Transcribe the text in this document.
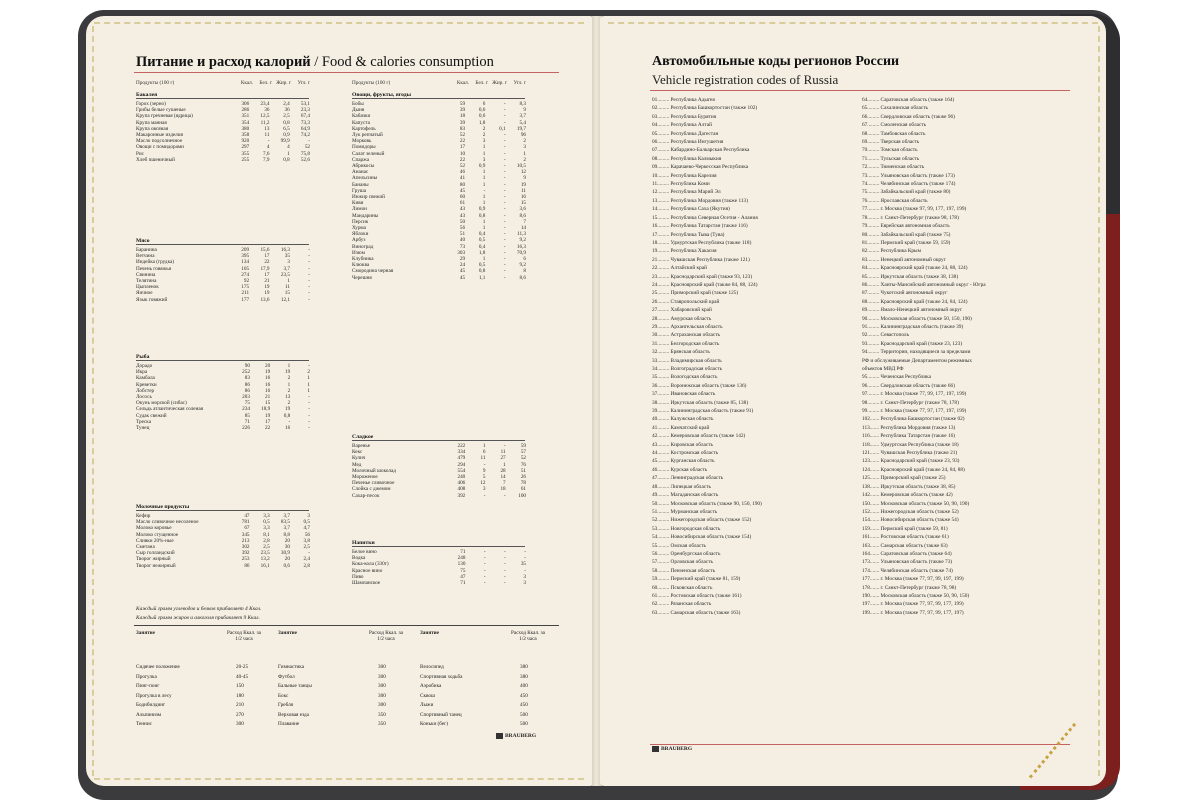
Питание и расход калорий / Food & calories consumption
Продукты (100 г)	Ккал. Бел. г Жир. г Угл. г	Продукты (100 г)	Ккал. Бел. г Жир. г Угл. г
Бакалея
Горох (зерно)	306	23,4	2,4	53,1
Грибы белые сушеные	286	36	36	23,3
Крупа гречневая (ядрица)	351	12,5	2,5	67,4
Крупа манная	354	11,2	0,8	73,3
Крупа овсяная	380	13	6,5	64,9
Макаронные изделия	358	11	0,9	74,2
Масло подсолнечное	920	-	99,9	-
Овощи с помидорами	297	4	4	52
Рис	355	7,6	1	75,8
Хлеб пшеничный	255	7,9	0,8	52,6
Мясо
Баранина	209	15,6	16,3	-
Ветчина	395	17	35	-
Индейка (грудка)	134	22	3	-
Печень говяжья	105	17,9	3,7	-
Свинина	274	17	23,5	-
Телятина	92	21	1	-
Цыпленок	175	19	11	-
Яичное	211	19	15	-
Язык говяжий	177	13,6	12,1	-
Рыба
Дорадо	90	20	1	-
Икра	252	19	19	2
Камбала	83	16	2	1
Креветки	86	16	1	1
Лобстер	86	16	2	1
Лосось	203	21	13	-
Окунь морской (сибас)	75	15	2	-
Сельдь атлантическая соленая	234	18,9	19	-
Судак свежий	85	19	0,8	-
Треска	71	17	-	-
Тунец	226	22	16	-
Молочные продукты
Кефир	47	3,3	3,7	3
Масло сливочное несоленое	781	0,5	83,5	0,5
Молоко коровье	67	3,3	3,7	4,7
Молоко сгущенное	345	8,1	8,8	56
Сливки 20%-ные	213	2,8	20	3,8
Сметана	302	2,5	30	2,5
Сыр голландский	392	23,5	30,9	-
Творог жирный	253	13,2	20	2,4
Творог нежирный	86	16,1	0,6	2,8
Овощи, фрукты, ягоды
Бобы	59	6	-	8,3
Дыня	39	0,6	-	9
Кабачки	18	0,6	-	3,7
Капуста	39	1,8	-	5,4
Картофель	83	2	0,1	19,7
Лук репчатый	52	2	-	96
Морковь	22	3	-	2
Помидоры	17	1	-	3
Салат зеленый	10	1	-	1
Спаржа	22	3	-	2
Абрикосы	52	0,9	-	10,5
Ананас	46	1	-	12
Апельсины	41	1	-	9
Бананы	80	1	-	19
Груша	45	-	-	11
Инжир свежий	60	1	-	16
Киви	61	1	-	15
Лимон	43	0,9	-	3,6
Мандарины	43	0,8	-	8,6
Персик	50	1	-	7
Хурма	56	1	-	14
Яблоки	51	0,4	-	11,3
Арбуз	40	0,5	-	9,2
Виноград	73	0,4	-	16,3
Изюм	303	1,8	-	70,9
Клубника	29	1	-	6
Клюква	24	0,5	-	9,2
Смородина черная	45	0,8	-	8
Черешня	45	1,1	-	8,6
Сладкое
Варенье	222	1	-	59
Кекс	334	6	11	57
Кулич	479	11	27	52
Мед	294	-	1	76
Молочный шоколад	554	9	28	51
Мороженое	240	5	14	26
Печенье сливочное	406	12	7	78
Слойка с джемом	408	3	18	61
Сахар-песок	392	-	-	100
Напитки
Белое вино	71	-	-	-
Водка	248	-	-	-
Кока-кола (330г)	130	-	-	35
Красное вино	75	-	-	-
Пиво	47	-	-	3
Шампанское	71	-	-	3
Каждый грамм углеводов и белков прибавляет 4 Ккал.
Каждый грамм жиров и алкоголя прибавляет 9 Ккал.
Занятие	Расход Ккал. за 1/2 часа
Сидячее положение	20-25
Прогулка	40-45
Пинг-понг	150
Прогулка в лесу	180
Бодибилдинг	210
Альпинизм	270
Теннис	300
Занятие	Расход Ккал. за 1/2 часа
Гимнастика	300
Футбол	300
Бальные танцы	300
Бокс	300
Гребля	300
Верховая езда	350
Плавание	350
Занятие	Расход Ккал. за 1/2 часа
Велосипед	380
Спортивная ходьба	380
Аэробика	400
Сквош	450
Лыжи	450
Спортивный танец	500
Коньки (бег)	500
BRAUBERG
Автомобильные коды регионов России
Vehicle registration codes of Russia
01......... Республика Адыгея
02......... Республика Башкортостан (также 102)
03......... Республика Бурятия
04......... Республика Алтай
05......... Республика Дагестан
06......... Республика Ингушетия
07......... Кабардино-Балкарская Республика
08......... Республика Калмыкия
09......... Карачаево-Черкесская Республика
10......... Республика Карелия
11......... Республика Коми
12......... Республика Марий Эл
13......... Республика Мордовия (также 113)
14......... Республика Саха (Якутия)
15......... Республика Северная Осетия - Алания
16......... Республика Татарстан (также 116)
17......... Республика Тыва (Тува)
18......... Удмуртская Республика (также 118)
19......... Республика Хакасия
21......... Чувашская Республика (также 121)
22......... Алтайский край
23......... Краснодарский край (также 93, 123)
24......... Красноярский край (также 84, 88, 124)
25......... Приморский край (также 125)
26......... Ставропольский край
27......... Хабаровский край
28......... Амурская область
29......... Архангельская область
30......... Астраханская область
31......... Белгородская область
32......... Брянская область
33......... Владимирская область
34......... Волгоградская область
35......... Вологодская область
36......... Воронежская область (также 136)
37......... Ивановская область
38......... Иркутская область (также 85, 138)
39......... Калининградская область (также 91)
40......... Калужская область
41......... Камчатский край
42......... Кемеровская область (также 142)
43......... Кировская область
44......... Костромская область
45......... Курганская область
46......... Курская область
47......... Ленинградская область
48......... Липецкая область
49......... Магаданская область
50......... Московская область (также 90, 150, 190)
51......... Мурманская область
52......... Нижегородская область (также 152)
53......... Новгородская область
54......... Новосибирская область (также 154)
55......... Омская область
56......... Оренбургская область
57......... Орловская область
58......... Пензенская область
59......... Пермский край (также 81, 159)
60......... Псковская область
61......... Ростовская область (также 161)
62......... Рязанская область
63......... Самарская область (также 163)
64......... Саратовская область (также 164)
65......... Сахалинская область
66......... Свердловская область (также 96)
67......... Смоленская область
68......... Тамбовская область
69......... Тверская область
70......... Томская область
71......... Тульская область
72......... Тюменская область
73......... Ульяновская область (также 173)
74......... Челябинская область (также 174)
75......... Забайкальский край (также 80)
76......... Ярославская область
77......... г. Москва (также 97, 99, 177, 197, 199)
78......... г. Санкт-Петербург (также 98, 178)
79......... Еврейская автономная область
80......... Забайкальский край (также 75)
81......... Пермский край (также 59, 159)
82......... Республика Крым
83......... Ненецкий автономный округ
84......... Красноярский край (также 24, 88, 124)
85......... Иркутская область (также 38, 138)
86......... Ханты-Мансийский автономный округ - Югра
87......... Чукотский автономный округ
88......... Красноярский край (также 24, 84, 124)
89......... Ямало-Ненецкий автономный округ
90......... Московская область (также 50, 150, 190)
91......... Калининградская область (также 39)
92......... Севастополь
93......... Краснодарский край (также 23, 123)
94......... Территории, находящиеся за пределами
РФ и обслуживаемые Департаментом режимных
объектов МВД РФ
95......... Чеченская Республика
96......... Свердловская область (также 66)
97......... г. Москва (также 77, 99, 177, 197, 199)
98......... г. Санкт-Петербург (также 78, 178)
99......... г. Москва (также 77, 97, 177, 197, 199)
102....... Республика Башкортостан (также 02)
113....... Республика Мордовия (также 13)
116....... Республика Татарстан (также 16)
118....... Удмуртская Республика (также 18)
121....... Чувашская Республика (также 21)
123....... Краснодарский край (также 23, 93)
124....... Красноярский край (также 24, 84, 88)
125....... Приморский край (также 25)
138....... Иркутская область (также 38, 85)
142....... Кемеровская область (также 42)
150....... Московская область (также 50, 90, 190)
152....... Нижегородская область (также 52)
154....... Новосибирская область (также 54)
159....... Пермский край (также 59, 81)
161....... Ростовская область (также 61)
163....... Самарская область (также 63)
164....... Саратовская область (также 64)
173....... Ульяновская область (также 73)
174....... Челябинская область (также 74)
177....... г. Москва (также 77, 97, 99, 197, 199)
178....... г. Санкт-Петербург (также 78, 98)
190....... Московская область (также 50, 90, 150)
197....... г. Москва (также 77, 97, 99, 177, 199)
199....... г. Москва (также 77, 97, 99, 177, 197)
BRAUBERG
